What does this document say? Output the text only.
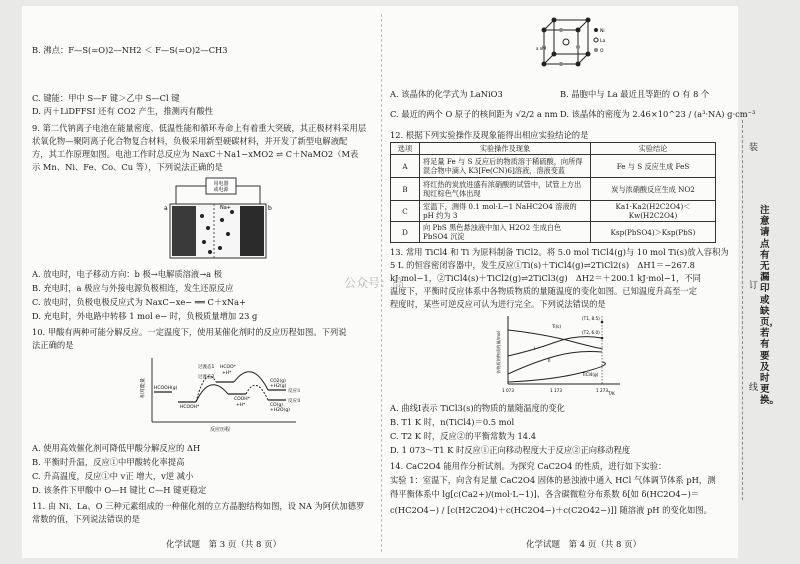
B. 沸点：F—S(=O)2—NH2 ＜ F—S(=O)2—CH3
C. 键能：甲中 S—F 键＞乙中 S—Cl 键
D. 丙＋LiDFFSI 还有 CO2 产生，推测丙有酸性
9. 第二代钠离子电池在能量密度、低温性能和循环寿命上有着重大突破，其正极材料采用层
状氧化物—聚阴离子化合物复合材料，负极采用新型硬碳材料，并开发了新型电解液配
方，其工作原理如图。电池工作时总反应为 NaxC＋Na1−xMO2 ⇌ C＋NaMO2（M表
示 Mn、Ni、Fe、Co、Cu 等），下列说法正确的是
用电器
或电源
a	b
Na+
A. 放电时，电子移动方向：b 极→电解质溶液→a 极
B. 充电时，a 极应与外接电源负极相连，发生还原反应
C. 放电时，负极电极反应式为 NaxC−xe− ══ C＋xNa+
D. 充电时，外电路中转移 1 mol e− 时，负极质量增加 23 g
10. 甲酸有两种可能分解反应。一定温度下，使用某催化剂时的反应历程如图。下列说
法正确的是
相对能量
反应历程
HCOOH(g)
HCOOH*
过渡态1
过渡态2
HCOO*
+H*
COOH*
+H*
CO2(g)
+H2(g)
CO(g)
+H2O(g)
反应①
反应②
A. 使用高效催化剂可降低甲酸分解反应的 ΔH
B. 平衡时升温，反应①中甲酸转化率提高
C. 升高温度，反应①中 v正 增大，v逆 减小
D. 该条件下甲酸中 O—H 键比 C—H 键更稳定
11. 由 Ni、La、O 三种元素组成的一种催化剂的立方晶胞结构如图，设 NA 为阿伏加德罗
常数的值，下列说法错误的是
化学试题　第 3 页（共 8 页）
a nm
Ni
La
O
A. 该晶体的化学式为 LaNiO3	B. 晶胞中与 La 最近且等距的 O 有 8 个
C. 最近的两个 O 原子的核间距为 √2/2 a nm D. 该晶体的密度为 2.46×10^23 / (a³·NA) g·cm⁻³
12. 根据下列实验操作及现象能得出相应实验结论的是
选项	实验操作及现象	实验结论
A	将足量 Fe 与 S 反应后的物质溶于稀硫酸，向所得混合物中滴入 K3[Fe(CN)6]溶液，溶液变蓝	Fe 与 S 反应生成 FeS
B	将红热的炭放进盛有浓硝酸的试管中，试管上方出现红棕色气体出现	炭与浓硝酸反应生成 NO2
C	室温下，测得 0.1 mol·L−1 NaHC2O4 溶液的 pH 约为 3	Ka1·Ka2(H2C2O4)＜Kw(H2C2O4)
D	向 PbS 黑色悬浊液中加入 H2O2 生成白色 PbSO4 沉淀	Ksp(PbSO4)＞Ksp(PbS)
13. 常用 TiCl4 和 Ti 为原料制备 TiCl2。将 5.0 mol TiCl4(g)与 10 mol Ti(s)放入容积为
5 L 的恒容密闭容器中，发生反应①Ti(s)＋TiCl4(g)⇌2TiCl2(s)　ΔH1＝−267.8
kJ·mol−1，②TiCl4(s)＋TiCl2(g)⇌2TiCl3(g)　ΔH2＝＋200.1 kJ·mol−1，不同
温度下，平衡时反应体系中各物质物质的量随温度的变化如图。已知温度升高至一定
程度时，某些可逆反应可认为进行完全。下列说法错误的是
各物质的物质的量/mol
1 073	1 173	1 273
T/K
(T1, 8.5)
(T2, 6.0)
Ti(s)
I
II
TiCl4(g)
A. 曲线Ⅰ表示 TiCl3(s)的物质的量随温度的变化
B. T1 K 时，n(TiCl4)＝0.5 mol
C. T2 K 时，反应②的平衡常数为 14.4
D. 1 073～T1 K 时反应①正向移动程度大于反应②正向移动程度
14. CaC2O4 能用作分析试剂。为探究 CaC2O4 的性质，进行如下实验：
实验 1：室温下，向含有足量 CaC2O4 固体的悬浊液中通入 HCl 气体调节体系 pH，测
得平衡体系中 lg[c(Ca2+)/(mol·L−1)]、各含碳微粒分布系数 δ[如 δ(HC2O4−)＝
c(HC2O4−) / [c(H2C2O4)＋c(HC2O4−)＋c(C2O42−)]] 随溶液 pH 的变化如图。
化学试题　第 4 页（共 8 页）
公众号：高
装
订
线
注意请点有无漏印或缺页，若有要及时更换。
